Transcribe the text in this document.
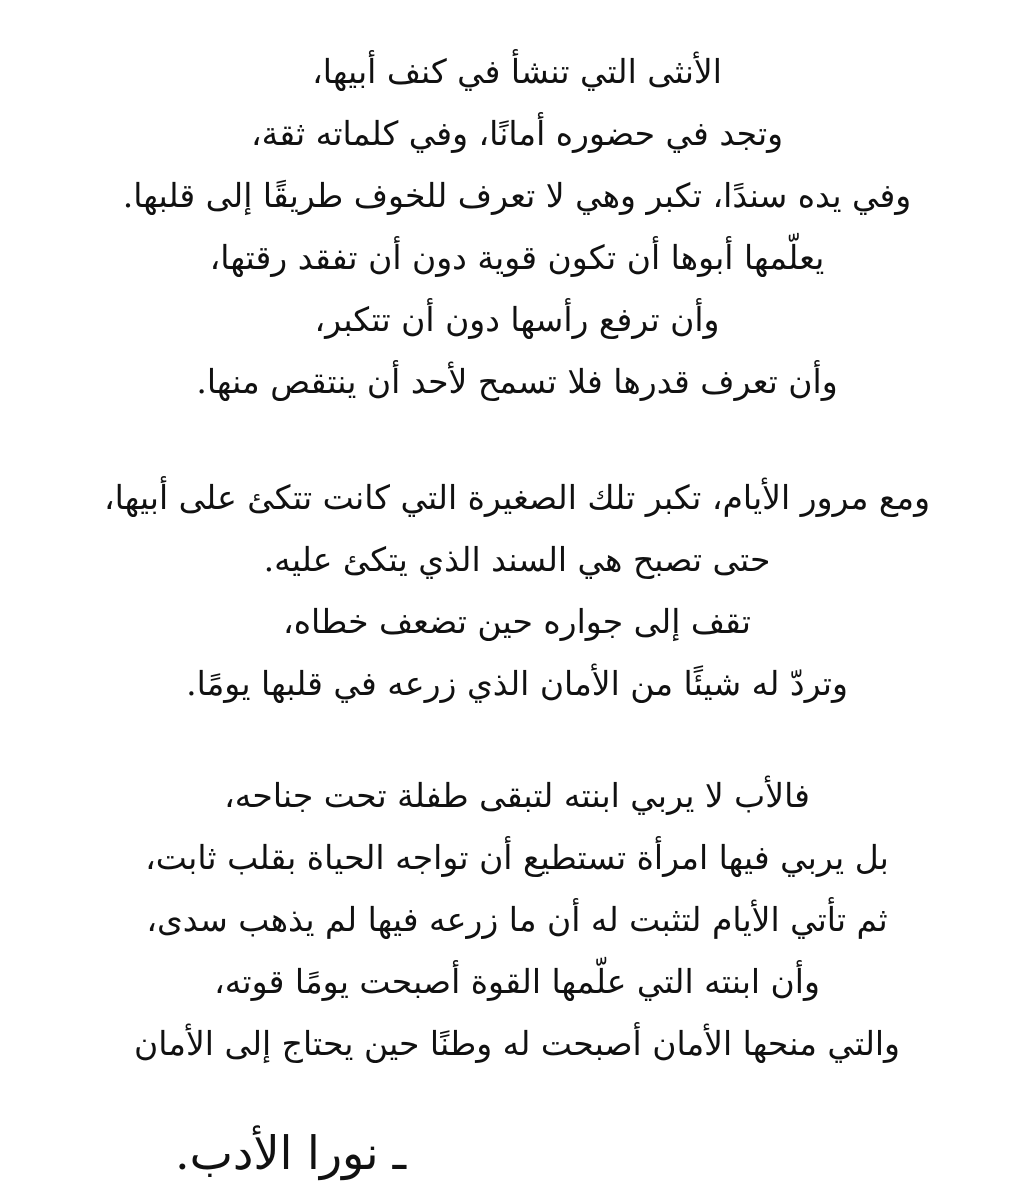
الأنثى التي تنشأ في كنف أبيها،
وتجد في حضوره أمانًا، وفي كلماته ثقة،
وفي يده سندًا، تكبر وهي لا تعرف للخوف طريقًا إلى قلبها.
يعلّمها أبوها أن تكون قوية دون أن تفقد رقتها،
وأن ترفع رأسها دون أن تتكبر،
وأن تعرف قدرها فلا تسمح لأحد أن ينتقص منها.
ومع مرور الأيام، تكبر تلك الصغيرة التي كانت تتكئ على أبيها،
حتى تصبح هي السند الذي يتكئ عليه.
تقف إلى جواره حين تضعف خطاه،
وتردّ له شيئًا من الأمان الذي زرعه في قلبها يومًا.
فالأب لا يربي ابنته لتبقى طفلة تحت جناحه،
بل يربي فيها امرأة تستطيع أن تواجه الحياة بقلب ثابت،
ثم تأتي الأيام لتثبت له أن ما زرعه فيها لم يذهب سدى،
وأن ابنته التي علّمها القوة أصبحت يومًا قوته،
والتي منحها الأمان أصبحت له وطنًا حين يحتاج إلى الأمان
ـنورا الأدب.
